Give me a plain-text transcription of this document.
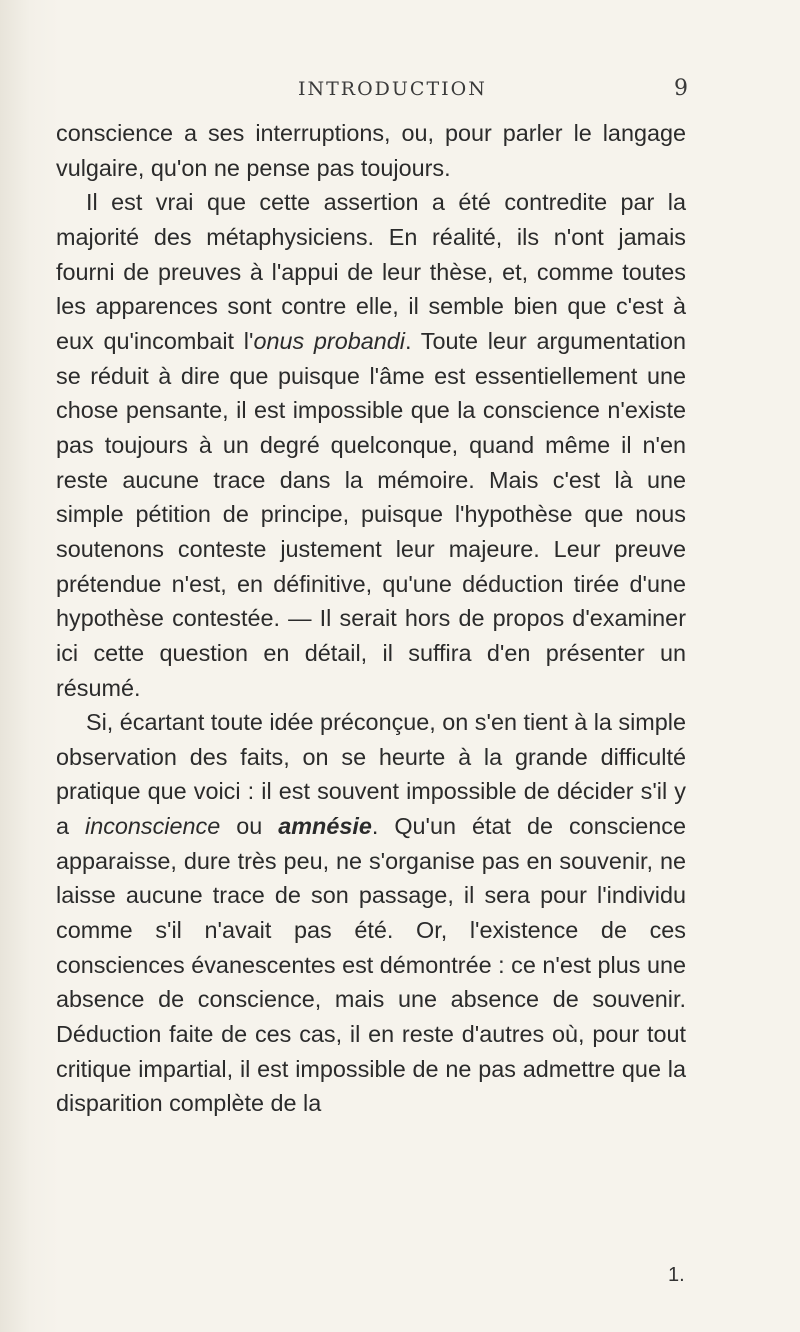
INTRODUCTION	9

conscience a ses interruptions, ou, pour parler le langage vulgaire, qu'on ne pense pas toujours.

Il est vrai que cette assertion a été contredite par la majorité des métaphysiciens. En réalité, ils n'ont jamais fourni de preuves à l'appui de leur thèse, et, comme toutes les apparences sont contre elle, il semble bien que c'est à eux qu'incombait l'onus probandi. Toute leur argumentation se réduit à dire que puisque l'âme est essentiellement une chose pensante, il est impossible que la conscience n'existe pas toujours à un degré quelconque, quand même il n'en reste aucune trace dans la mémoire. Mais c'est là une simple pétition de principe, puisque l'hypothèse que nous soutenons conteste justement leur majeure. Leur preuve prétendue n'est, en définitive, qu'une déduction tirée d'une hypothèse contestée. — Il serait hors de propos d'examiner ici cette question en détail, il suffira d'en présenter un résumé.

Si, écartant toute idée préconçue, on s'en tient à la simple observation des faits, on se heurte à la grande difficulté pratique que voici : il est souvent impossible de décider s'il y a inconscience ou amnésie. Qu'un état de conscience apparaisse, dure très peu, ne s'organise pas en souvenir, ne laisse aucune trace de son passage, il sera pour l'individu comme s'il n'avait pas été. Or, l'existence de ces consciences évanescentes est démontrée : ce n'est plus une absence de conscience, mais une absence de souvenir. Déduction faite de ces cas, il en reste d'autres où, pour tout critique impartial, il est impossible de ne pas admettre que la disparition complète de la

1.
